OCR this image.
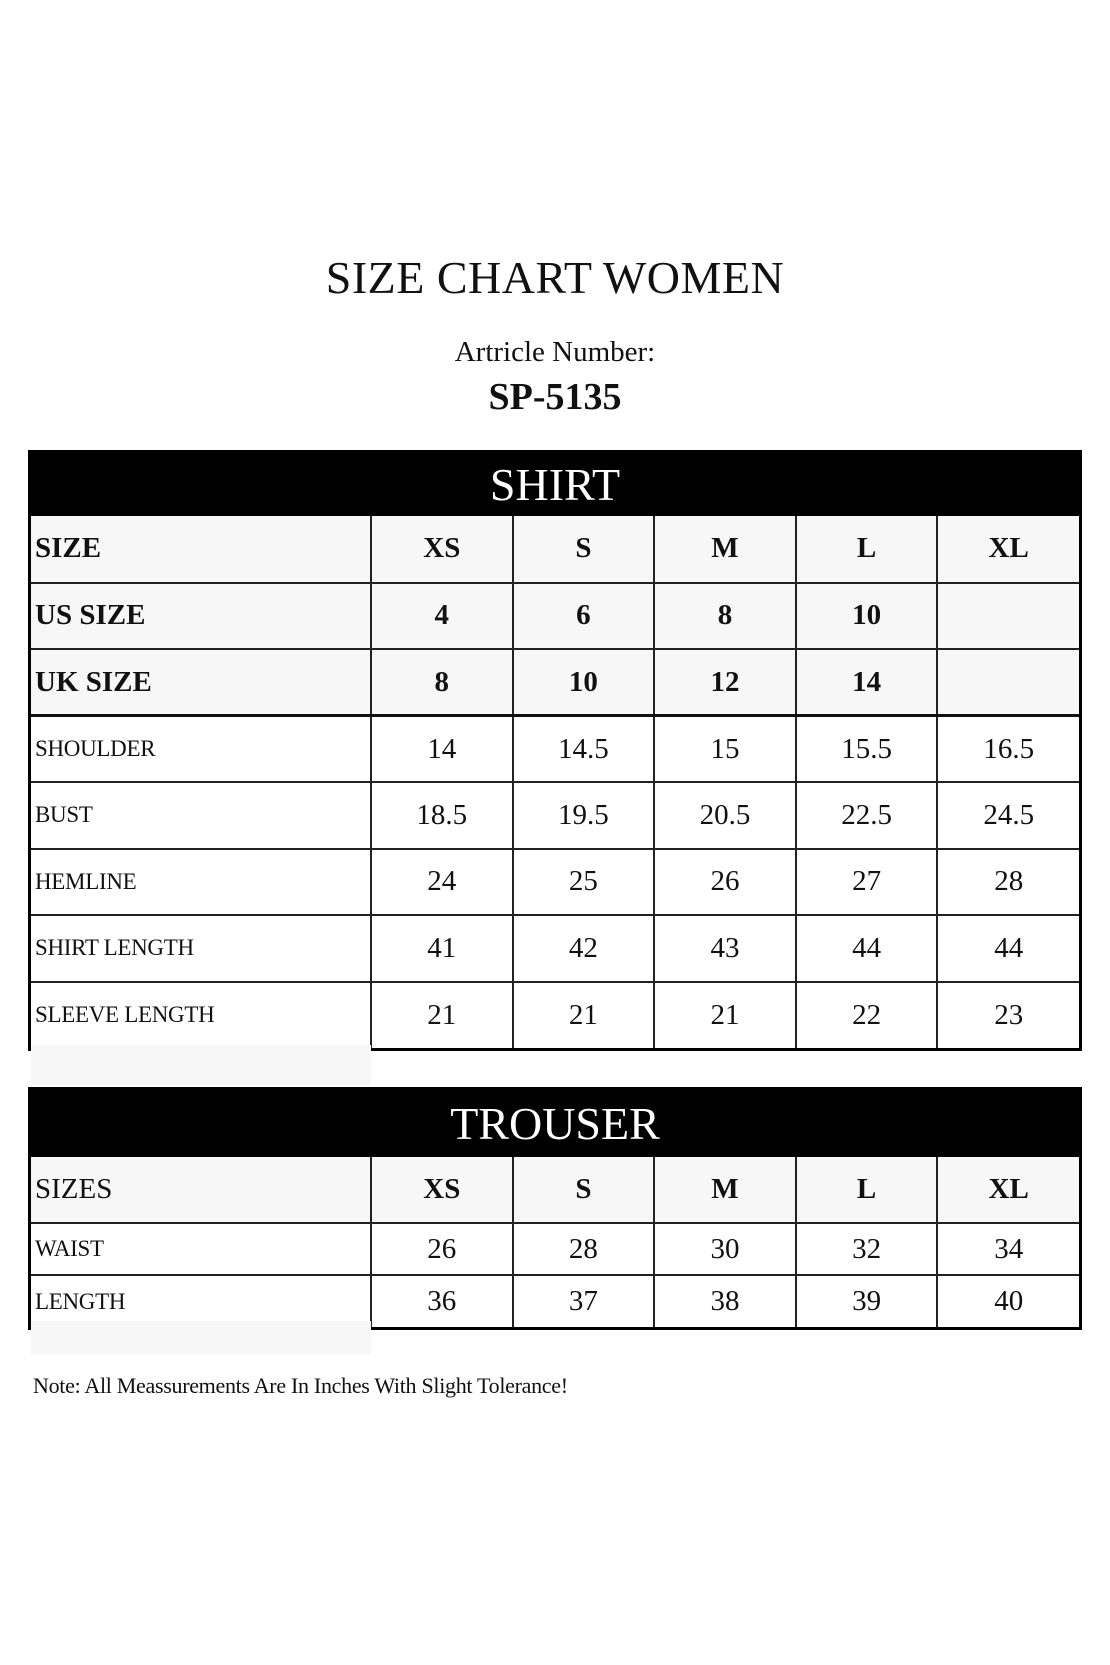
SIZE CHART WOMEN
Artricle Number:
SP-5135
SHIRT
SIZE	XS	S	M	L	XL
US SIZE	4	6	8	10	
UK SIZE	8	10	12	14	
SHOULDER	14	14.5	15	15.5	16.5
BUST	18.5	19.5	20.5	22.5	24.5
HEMLINE	24	25	26	27	28
SHIRT LENGTH	41	42	43	44	44
SLEEVE LENGTH	21	21	21	22	23
TROUSER
SIZES	XS	S	M	L	XL
WAIST	26	28	30	32	34
LENGTH	36	37	38	39	40
Note: All Meassurements Are In Inches With Slight Tolerance!
